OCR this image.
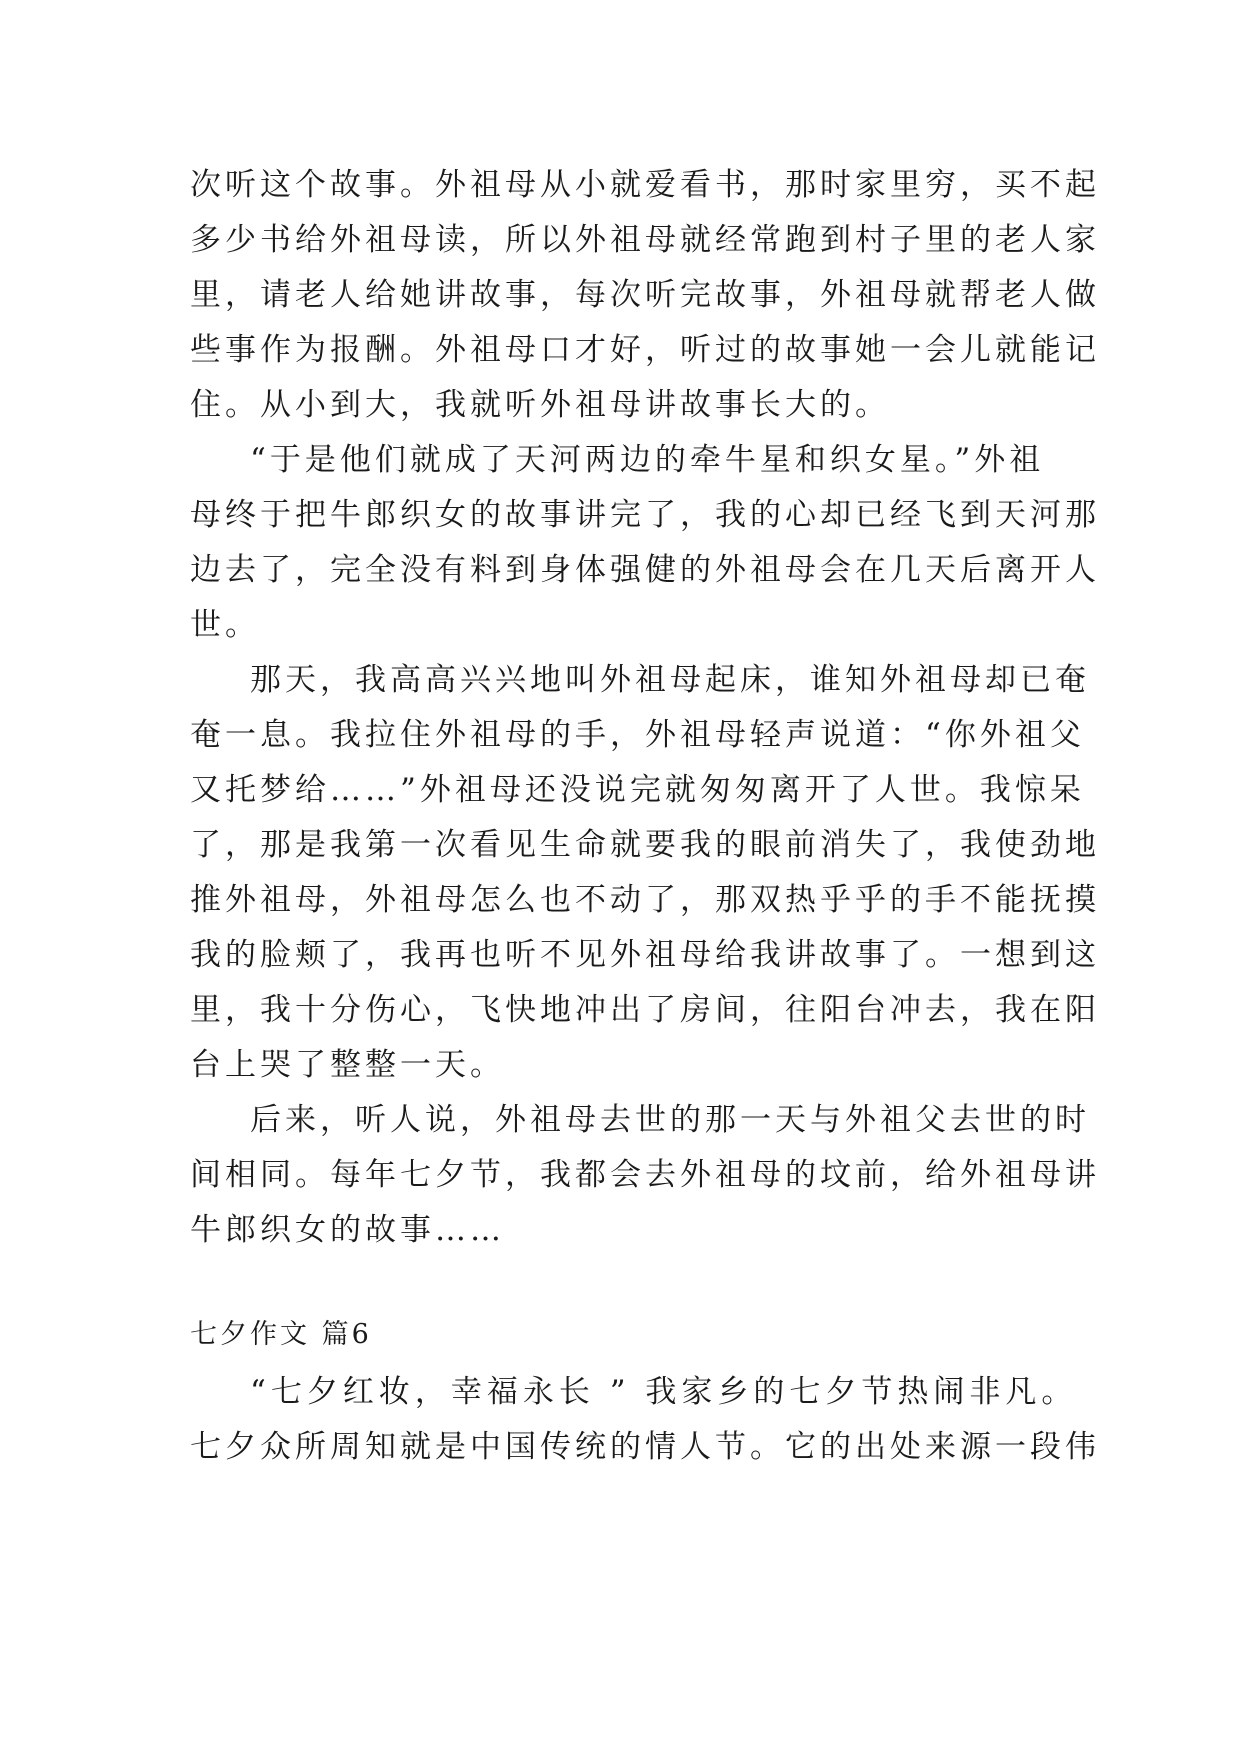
次听这个故事。外祖母从小就爱看书，那时家里穷，买不起
多少书给外祖母读，所以外祖母就经常跑到村子里的老人家
里，请老人给她讲故事，每次听完故事，外祖母就帮老人做
些事作为报酬。外祖母口才好，听过的故事她一会儿就能记
住。从小到大，我就听外祖母讲故事长大的。
“于是他们就成了天河两边的牵牛星和织女星。”外祖
母终于把牛郎织女的故事讲完了，我的心却已经飞到天河那
边去了，完全没有料到身体强健的外祖母会在几天后离开人
世。
那天，我高高兴兴地叫外祖母起床，谁知外祖母却已奄
奄一息。我拉住外祖母的手，外祖母轻声说道：“你外祖父
又托梦给……”外祖母还没说完就匆匆离开了人世。我惊呆
了，那是我第一次看见生命就要我的眼前消失了，我使劲地
推外祖母，外祖母怎么也不动了，那双热乎乎的手不能抚摸
我的脸颊了，我再也听不见外祖母给我讲故事了。一想到这
里，我十分伤心，飞快地冲出了房间，往阳台冲去，我在阳
台上哭了整整一天。
后来，听人说，外祖母去世的那一天与外祖父去世的时
间相同。每年七夕节，我都会去外祖母的坟前，给外祖母讲
牛郎织女的故事……
七夕作文 篇6
“七夕红妆，幸福永长 ” 我家乡的七夕节热闹非凡。
七夕众所周知就是中国传统的情人节。它的出处来源一段伟
